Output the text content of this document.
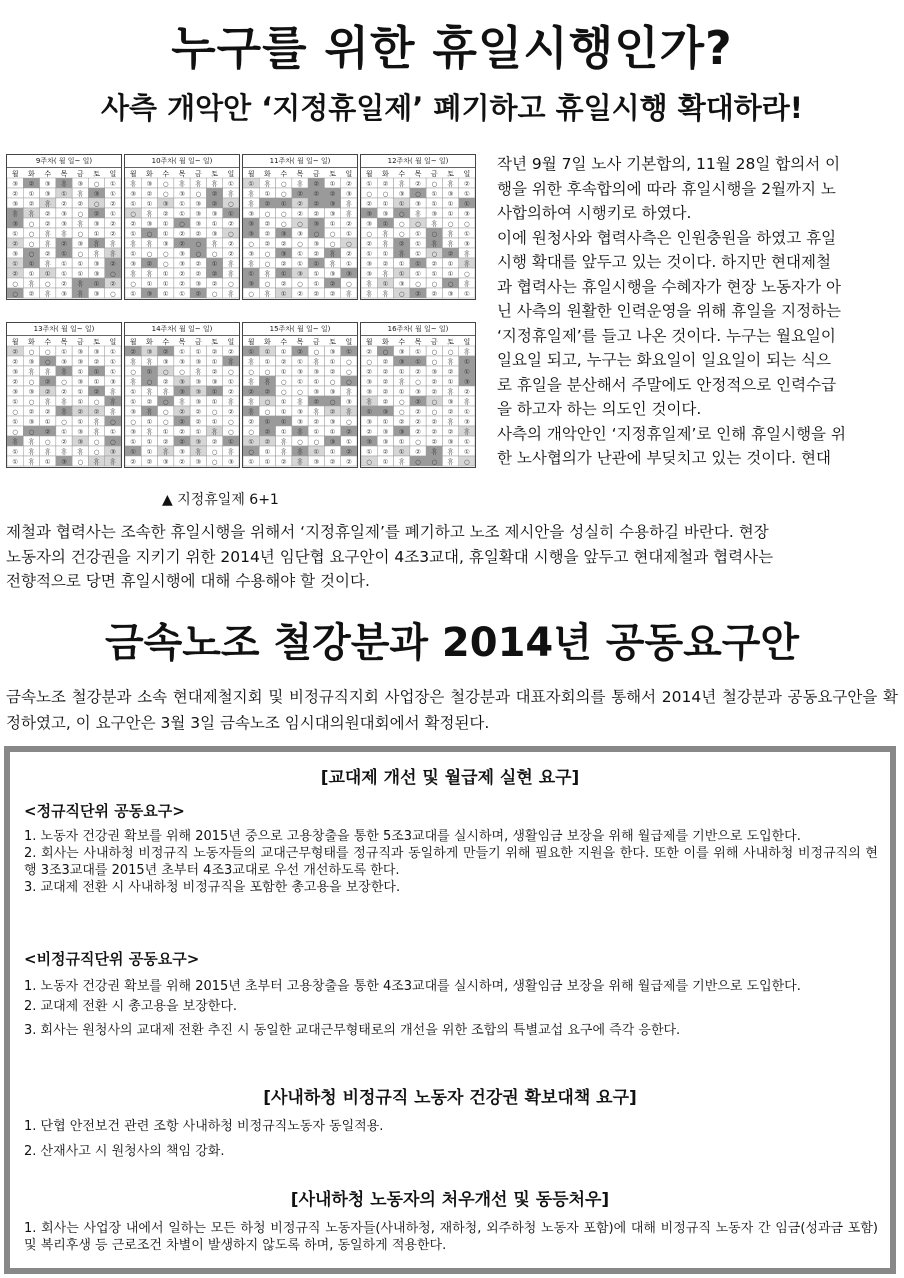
누구를 위한 휴일시행인가?
사측 개악안 ‘지정휴일제’ 폐기하고 휴일시행 확대하라!
9주차( 월 일~ 일)
월 화 수 목 금 토 일
③ ② ③ 휴 ③ ○ ①
② ① ③ ① 휴 ③ ①
③ ② 휴 ② ② ○ ②
휴 휴 ② ③ ○ ② ①
③ ○ ② ③ 휴 ③ ②
① ○ 휴 휴 ○ ① ②
② ○ 휴 ② ③ 휴 휴
③ ○ ② ① ○ 휴 휴
① ① 휴 ① ① ③ ②
② ① ① ① ① ③ ○
○ 휴 ○ ② 휴 ① ②
○ ② 휴 ③ 휴 ③ ○
10주차( 월 일~ 일)
월 화 수 목 금 토 일
휴 ③ ○ 휴 휴 휴 ①
③ ② ○ ③ ○ ② 휴
① ① ③ ① ③ ② ○
○ 휴 ② ① ③ ③ ①
② ③ ① ○ ③ ① ②
① ○ ① ② ② ③ ○
휴 휴 ③ ② ○ 휴 ②
① ○ ○ ③ ○ ○ ②
③ ② ○ ③ ② ① 휴
휴 휴 ① ② ② ② 휴
○ ① ① ② ③ ② ○
① ③ ① ① ② ○ 휴
11주차( 월 일~ 일)
월 화 수 목 금 토 일
① 휴 ○ 휴 ② ① ②
휴 ① ○ ② ② ② ③
휴 ② ① ② ② ③ 휴
③ ○ ○ ② ② ③ 휴
③ ② ○ ○ ③ ① ②
③ ② ③ ③ ○ ○ ①
○ ② ② ○ ③ ○ ○
③ ○ ③ ① ② 휴 ②
휴 ○ ② ① ① 휴 ①
① 휴 ① ③ ① ③ ③
③ ○ ② ○ ① ② ○
○ 휴 ① ② ② ② 휴
12주차( 월 일~ 일)
월 화 수 목 금 토 일
① ② 휴 ② ○ 휴 ②
○ ○ ③ ○ ① ③ ①
② ① ① ③ ① ① ①
③ ③ ○ 휴 ③ ① ③
③ ① ○ ○ 휴 ○ ○
○ 휴 ○ ① ○ 휴 ①
② 휴 ② ① 휴 휴 ③
① ① 휴 ① ○ ② 휴
③ ② ① ① ② ① 휴
③ 휴 ① ① ① ① ○
휴 ① ③ ○ ○ ○ 휴
휴 휴 ○ ② ② ③ ①
13주차( 월 일~ 일)
월 화 수 목 금 토 일
② ○ ○ ① ③ ③ ①
② ③ ○ ③ ③ ② ①
③ 휴 휴 휴 ① ① ①
② ○ ② ○ ③ ① ③
③ ③ ② ② ① ② 휴
① ○ 휴 휴 ① ○ 휴
○ ② ② 휴 ② ② 휴
① ③ ① ○ ① 휴 ○
○ ○ ② ① ③ 휴 ①
휴 휴 ○ ② ③ ○ ○
① 휴 휴 휴 휴 ○ ③
① 휴 ① ③ ○ 휴 휴
14주차( 월 일~ 일)
월 화 수 목 금 토 일
② ③ ② ① ① ② ②
휴 휴 ③ ③ ③ ① 휴
○ ① ○ ○ 휴 ② ○
휴 ○ ② ③ ③ ③ ①
① 휴 휴 ③ ③ ① ②
① ② ○ 휴 ③ ① 휴
③ 휴 ○ ② ② ○ ②
○ ① ○ ② ② ① ○
③ 휴 ① ② ① 휴 ○
① ① ② ② ③ ② ①
① ① 휴 ③ 휴 ○ 휴
② ② ③ ② ③ ○ ③
15주차( 월 일~ 일)
월 화 수 목 금 토 일
① ① ① ② ○ ③ ①
휴 ① ② ① 휴 ① ○
○ ○ ① ③ ③ ② ○
휴 휴 ○ ① ① ○ ○
② ② ○ ○ ③ ③ 휴
휴 ○ ① 휴 ② ○ ③
휴 ○ ① ③ 휴 ② 휴
② ① ① ③ ② ③ ○
○ ② ① 휴 ① ① ②
① ② 휴 ○ ○ ③ ①
○ ① 휴 휴 ① ① ②
① ① ② 휴 ③ ② ②
16주차( 월 일~ 일)
월 화 수 목 금 토 일
② ○ ③ ① ○ ○ 휴
○ ② ③ ① ○ 휴 ①
② ② ① ② ③ ② ①
③ ② 휴 ○ ② ① ③
③ ② ① ③ ② 휴 ②
휴 ② ○ ② ○ ③ 휴
① ③ ○ ② ○ ② ①
③ ① ② ② ② 휴 ③
② ③ ③ ② ② ② 휴
③ ③ ① ○ ② ③ ①
① ② ① ② 휴 휴 ①
○ ① 휴 ○ ○ 휴 ○
▲ 지정휴일제 6+1

작년 9월 7일 노사 기본합의, 11월 28일 합의서 이

행을 위한 후속합의에 따라 휴일시행을 2월까지 노

사합의하여 시행키로 하였다.

이에 원청사와 협력사측은 인원충원을 하였고 휴일

시행 확대를 앞두고 있는 것이다. 하지만 현대제철

과 협력사는 휴일시행을 수혜자가 현장 노동자가 아

닌 사측의 원활한 인력운영을 위해 휴일을 지정하는

‘지정휴일제’를 들고 나온 것이다. 누구는 월요일이

일요일 되고, 누구는 화요일이 일요일이 되는 식으

로 휴일을 분산해서 주말에도 안정적으로 인력수급

을 하고자 하는 의도인 것이다.

사측의 개악안인 ‘지정휴일제’로 인해 휴일시행을 위

한 노사협의가 난관에 부딪치고 있는 것이다. 현대

제철과 협력사는 조속한 휴일시행을 위해서 ‘지정휴일제’를 폐기하고 노조 제시안을 성실히 수용하길 바란다. 현장

노동자의 건강권을 지키기 위한 2014년 임단협 요구안이 4조3교대, 휴일확대 시행을 앞두고 현대제철과 협력사는

전향적으로 당면 휴일시행에 대해 수용해야 할 것이다.

금속노조 철강분과 2014년 공동요구안
금속노조 철강분과 소속 현대제철지회 및 비정규직지회 사업장은 철강분과 대표자회의를 통해서 2014년 철강분과 공동요구안을 확정하였고, 이 요구안은 3월 3일 금속노조 임시대의원대회에서 확정된다.
[교대제 개선 및 월급제 실현 요구]
<정규직단위 공동요구>
1. 노동자 건강권 확보를 위해 2015년 중으로 고용창출을 통한 5조3교대를 실시하며, 생활임금 보장을 위해 월급제를 기반으로 도입한다.
2. 회사는 사내하청 비정규직 노동자들의 교대근무형태를 정규직과 동일하게 만들기 위해 필요한 지원을 한다. 또한 이를 위해 사내하청 비정규직의 현행 3조3교대를 2015년 초부터 4조3교대로 우선 개선하도록 한다.
3. 교대제 전환 시 사내하청 비정규직을 포함한 총고용을 보장한다.
<비정규직단위 공동요구>
1. 노동자 건강권 확보를 위해 2015년 초부터 고용창출을 통한 4조3교대를 실시하며, 생활임금 보장을 위해 월급제를 기반으로 도입한다.
2. 교대제 전환 시 총고용을 보장한다.
3. 회사는 원청사의 교대제 전환 추진 시 동일한 교대근무형태로의 개선을 위한 조합의 특별교섭 요구에 즉각 응한다.
[사내하청 비정규직 노동자 건강권 확보대책 요구]
1. 단협 안전보건 관련 조항 사내하청 비정규직노동자 동일적용.
2. 산재사고 시 원청사의 책임 강화.
[사내하청 노동자의 처우개선 및 동등처우]
1. 회사는 사업장 내에서 일하는 모든 하청 비정규직 노동자들(사내하청, 재하청, 외주하청 노동자 포함)에 대해 비정규직 노동자 간 임금(성과금 포함) 및 복리후생 등 근로조건 차별이 발생하지 않도록 하며, 동일하게 적용한다.
